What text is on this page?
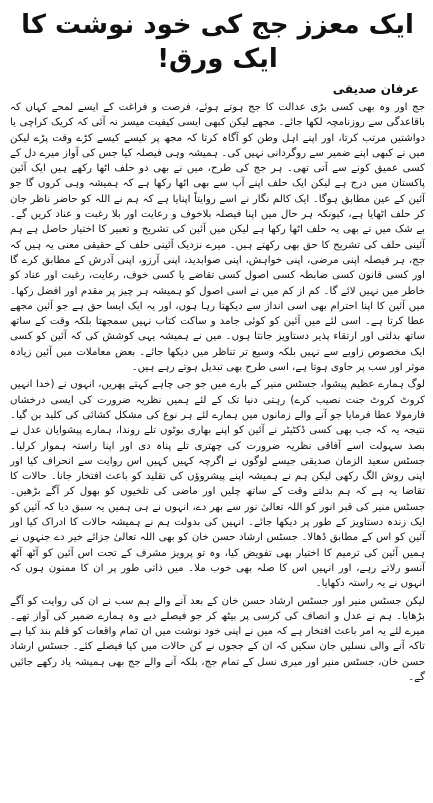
ایک معزز جج کی خود نوشت کا ایک ورق!
عرفان صدیقی

جج اور وہ بھی کسی بڑی عدالت کا جج ہوتے ہوئے، فرصت و فراغت کے ایسے لمحے کہاں کہ باقاعدگی سے روزنامچہ لکھا جائے۔ مجھے لیکن کبھی ایسی کیفیت میسر نہ آئی کہ کریک کراچی یا دواشتیں مرتب کرتا، اور اپنے اہل وطن کو آگاہ کرتا کہ مجھ پر کیسے کیسے کڑے وقت پڑے لیکن میں نے کبھی اپنے ضمیر سے روگردانی نہیں کی۔ ہمیشہ وہی فیصلہ کیا جس کی آواز میرے دل کے کسی عمیق کونے سے آتی تھی۔ ہر جج کی طرح، میں نے بھی دو حلف اٹھا رکھے ہیں ایک آئین پاکستان میں درج ہے لیکن ایک حلف اپنے آپ سے بھی اٹھا رکھا ہے کہ ہمیشہ وہی کروں گا جو آئین کے عین مطابق ہوگا۔ ایک کالم نگار نے اسے روایتاً اپنایا ہے کہ ہم نے اللہ کو حاضر ناظر جان کر حلف اٹھایا ہے، کیونکہ ہر حال میں اپنا فیصلہ بلاخوف و رعایت اور بلا رغبت و عناد کریں گے۔ بے شک میں نے بھی یہ حلف اٹھا رکھا ہے لیکن میں آئین کی تشریح و تعبیر کا اختیار حاصل ہے ہم آئینی حلف کی تشریح کا حق بھی رکھتے ہیں۔ میرے نزدیک آئینی حلف کے حقیقی معنی یہ ہیں کہ جج، ہر فیصلہ اپنی مرضی، اپنی خواہش، اپنی صوابدید، اپنی آرزو، اپنی آدرش کے مطابق کرے گا اور کسی قانون کسی ضابطہ کسی اصول کسی تقاضے یا کسی خوف، رعایت، رغبت اور عناد کو خاطر میں نہیں لائے گا۔ کم از کم میں نے اسی اصول کو ہمیشہ ہر چیز پر مقدم اور افضل رکھا۔ میں آئین کا اپنا احترام بھی اسی انداز سے دیکھتا رہا ہوں، اور یہ ایک ایسا حق ہے جو آئین مجھے عطا کرتا ہے۔ اسی لئے میں آئین کو کوئی جامد و ساکت کتاب نہیں سمجھتا بلکہ وقت کے ساتھ ساتھ بدلتی اور ارتقاء پذیر دستاویز جانتا ہوں۔ میں نے ہمیشہ یہی کوشش کی کہ آئین کو کسی ایک مخصوص زاویے سے نہیں بلکہ وسیع تر تناظر میں دیکھا جائے۔ بعض معاملات میں آئین زیادہ موثر اور سب پر حاوی ہوتا ہے، اسی طرح بھی تبدیل ہوتے رہے ہیں۔

لوگ ہمارے عظیم پیشوا، جسٹس منیر کے بارے میں جو جی چاہے کہتے پھریں، انہوں نے (خدا انہیں کروٹ کروٹ جنت نصیب کرے) رہتی دنیا تک کے لئے ہمیں نظریہ ضرورت کی ایسی درخشاں فارمولا عطا فرمایا جو آنے والے زمانوں میں ہمارے لئے ہر نوع کی مشکل کشائی کی کلید بن گیا۔ نتیجہ یہ کہ جب بھی کسی ڈکٹیٹر نے آئین کو اپنے بھاری بوٹوں تلے روندا، ہمارے پیشوایان عدل نے بصد سہولت اسے آفاقی نظریہ ضرورت کی چھتری تلے پناہ دی اور اپنا راستہ ہموار کرلیا۔ جسٹس سعید الزمان صدیقی جیسے لوگوں نے اگرچہ کہیں کہیں اس روایت سے انحراف کیا اور اپنی روش الگ رکھی لیکن ہم نے ہمیشہ اپنے پیشروؤں کی تقلید کو باعث افتخار جانا۔ حالات کا تقاضا یہ ہے کہ ہم بدلتے وقت کے ساتھ چلیں اور ماضی کی تلخیوں کو بھول کر آگے بڑھیں۔ جسٹس منیر کی قبر انور کو اللہ تعالیٰ نور سے بھر دے، انہوں نے ہی ہمیں یہ سبق دیا کہ آئین کو ایک زندہ دستاویز کے طور پر دیکھا جائے۔ انہیں کی بدولت ہم نے ہمیشہ حالات کا ادراک کیا اور آئین کو اس کے مطابق ڈھالا۔ جسٹس ارشاد حسن خان کو بھی اللہ تعالیٰ جزائے خیر دے جنہوں نے ہمیں آئین کی ترمیم کا اختیار بھی تفویض کیا، وہ تو پرویز مشرف کے تحت اس آئین کو آٹھ آٹھ آنسو رلاتے رہے، اور انہیں اس کا صلہ بھی خوب ملا۔ میں ذاتی طور پر ان کا ممنون ہوں کہ انہوں نے یہ راستہ دکھایا۔

لیکن جسٹس منیر اور جسٹس ارشاد حسن خان کے بعد آنے والے ہم سب نے ان کی روایت کو آگے بڑھایا۔ ہم نے عدل و انصاف کی کرسی پر بیٹھ کر جو فیصلے دیے وہ ہمارے ضمیر کی آواز تھے۔ میرے لئے یہ امر باعث افتخار ہے کہ میں نے اپنی خود نوشت میں ان تمام واقعات کو قلم بند کیا ہے تاکہ آنے والی نسلیں جان سکیں کہ ان کے ججوں نے کن حالات میں کیا فیصلے کئے۔ جسٹس ارشاد حسن خان، جسٹس منیر اور میری نسل کے تمام جج، بلکہ آنے والے جج بھی ہمیشہ یاد رکھے جائیں گے۔
